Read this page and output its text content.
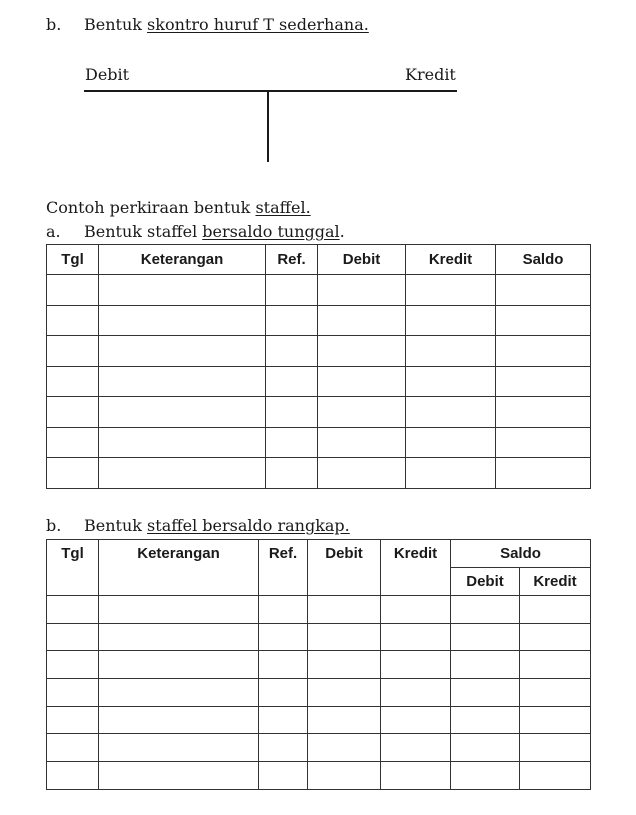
b. Bentuk skontro huruf T sederhana.
Debit	Kredit
Contoh perkiraan bentuk staffel.
a. Bentuk staffel bersaldo tunggal.
Tgl	Keterangan	Ref.	Debit	Kredit	Saldo

b. Bentuk staffel bersaldo rangkap.
Tgl	Keterangan	Ref.	Debit	Kredit	Saldo	
					Debit	Kredit
